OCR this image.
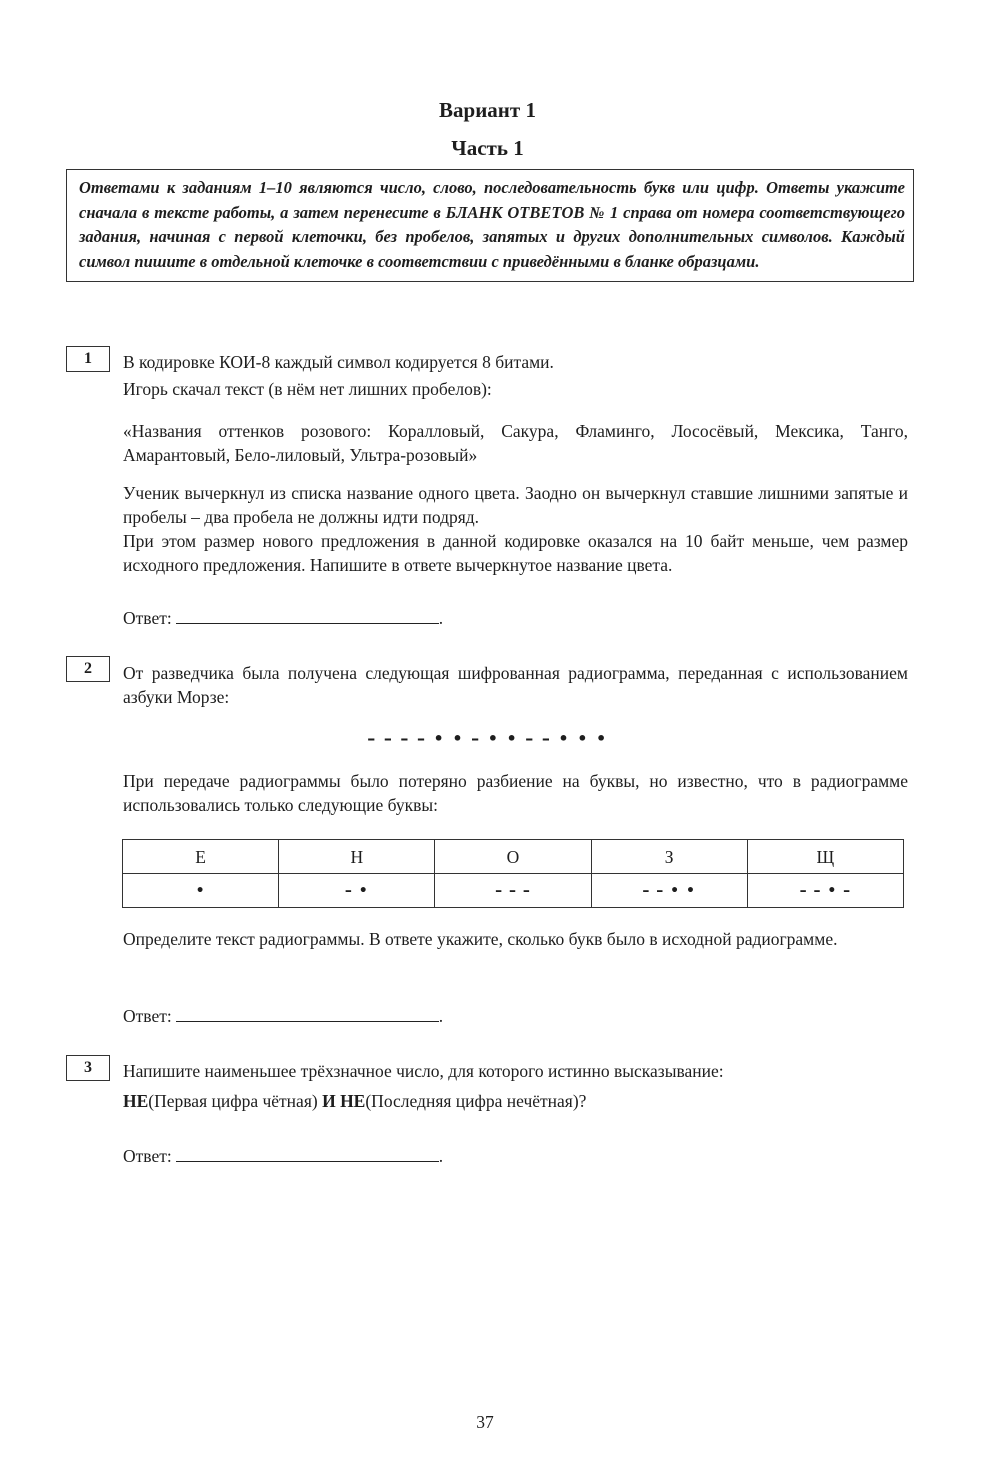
Вариант 1
Часть 1
Ответами к заданиям 1–10 являются число, слово, последовательность букв или цифр. Ответы укажите сначала в тексте работы, а затем перенесите в БЛАНК ОТВЕТОВ № 1 справа от номера соответствующего задания, начиная с первой клеточки, без пробелов, запятых и других дополнительных символов. Каждый символ пишите в отдельной клеточке в соответствии с приведёнными в бланке образцами.
1	В кодировке КОИ-8 каждый символ кодируется 8 битами.

Игорь скачал текст (в нём нет лишних пробелов):

«Названия оттенков розового: Коралловый, Сакура, Фламинго, Лососёвый, Мексика, Танго, Амарантовый, Бело-лиловый, Ультра-розовый»

Ученик вычеркнул из списка название одного цвета. Заодно он вычеркнул ставшие лишними запятые и пробелы – два пробела не должны идти подряд.

При этом размер нового предложения в данной кодировке оказался на 10 байт меньше, чем размер исходного предложения. Напишите в ответе вычеркнутое название цвета.

Ответ:	.
2	От разведчика была получена следующая шифрованная радиограмма, переданная с использованием азбуки Морзе:

– – – – • • – • • – – • • •

При передаче радиограммы было потеряно разбиение на буквы, но известно, что в радиограмме использовались только следующие буквы:

Е	Н	О	З	Щ
•	– •	– – –	– – • •	– – • –

Определите текст радиограммы. В ответе укажите, сколько букв было в исходной радиограмме.

Ответ:	.
3	Напишите наименьшее трёхзначное число, для которого истинно высказывание:

НЕ(Первая цифра чётная) И НЕ(Последняя цифра нечётная)?

Ответ:	.
37
